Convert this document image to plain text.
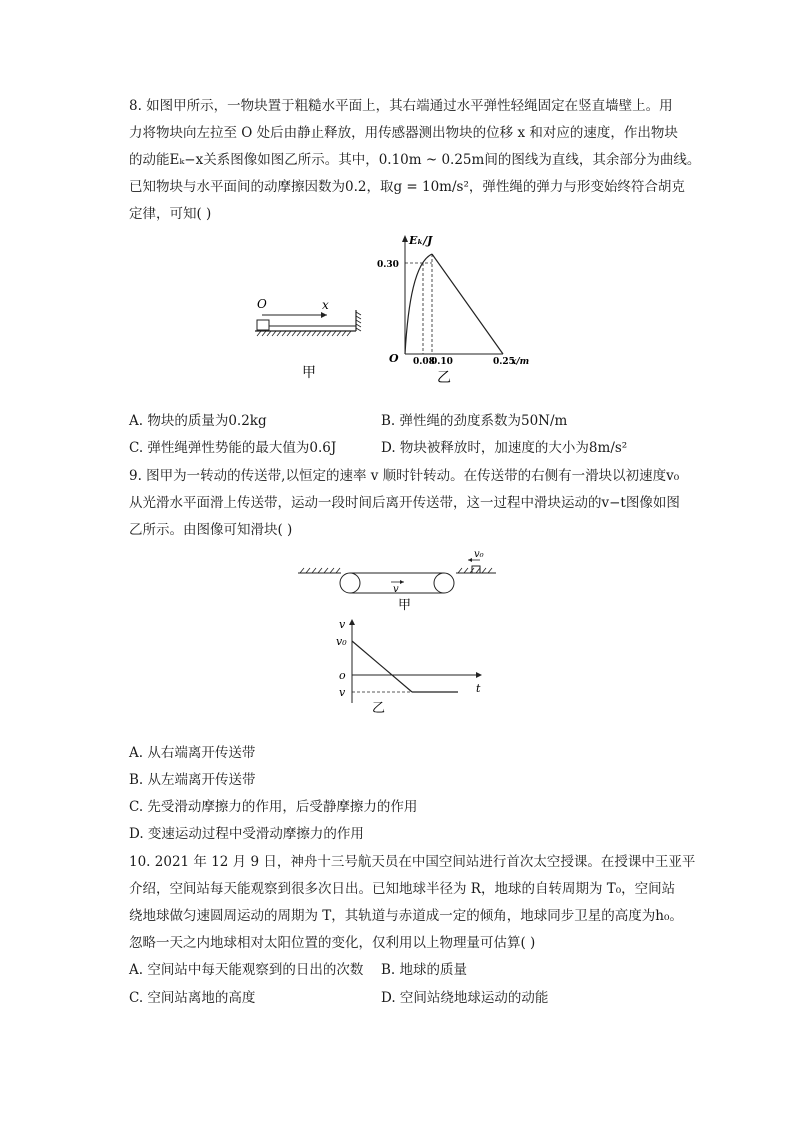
8. 如图甲所示，一物块置于粗糙水平面上，其右端通过水平弹性轻绳固定在竖直墙壁上。用
力将物块向左拉至 O 处后由静止释放，用传感器测出物块的位移 x 和对应的速度，作出物块
的动能Eₖ−x关系图像如图乙所示。其中，0.10m ~ 0.25m间的图线为直线，其余部分为曲线。
已知物块与水平面间的动摩擦因数为0.2，取g = 10m/s²，弹性绳的弹力与形变始终符合胡克
定律，可知( )
O	x
甲
Eₖ/J
0.30
O 0.08
0.10	0.25
x/m
乙
A. 物块的质量为0.2kg	B. 弹性绳的劲度系数为50N/m
C. 弹性绳弹性势能的最大值为0.6J	D. 物块被释放时，加速度的大小为8m/s²
9. 图甲为一转动的传送带,以恒定的速率 v 顺时针转动。在传送带的右侧有一滑块以初速度v₀
从光滑水平面滑上传送带，运动一段时间后离开传送带，这一过程中滑块运动的v−t图像如图
乙所示。由图像可知滑块( )
v
v₀
甲
v
v₀
o
t
v
乙
A. 从右端离开传送带
B. 从左端离开传送带
C. 先受滑动摩擦力的作用，后受静摩擦力的作用
D. 变速运动过程中受滑动摩擦力的作用
10. 2021 年 12 月 9 日，神舟十三号航天员在中国空间站进行首次太空授课。在授课中王亚平
介绍，空间站每天能观察到很多次日出。已知地球半径为 R，地球的自转周期为 T₀，空间站
绕地球做匀速圆周运动的周期为 T，其轨道与赤道成一定的倾角，地球同步卫星的高度为h₀。
忽略一天之内地球相对太阳位置的变化，仅利用以上物理量可估算( )
A. 空间站中每天能观察到的日出的次数 B. 地球的质量
C. 空间站离地的高度	D. 空间站绕地球运动的动能
